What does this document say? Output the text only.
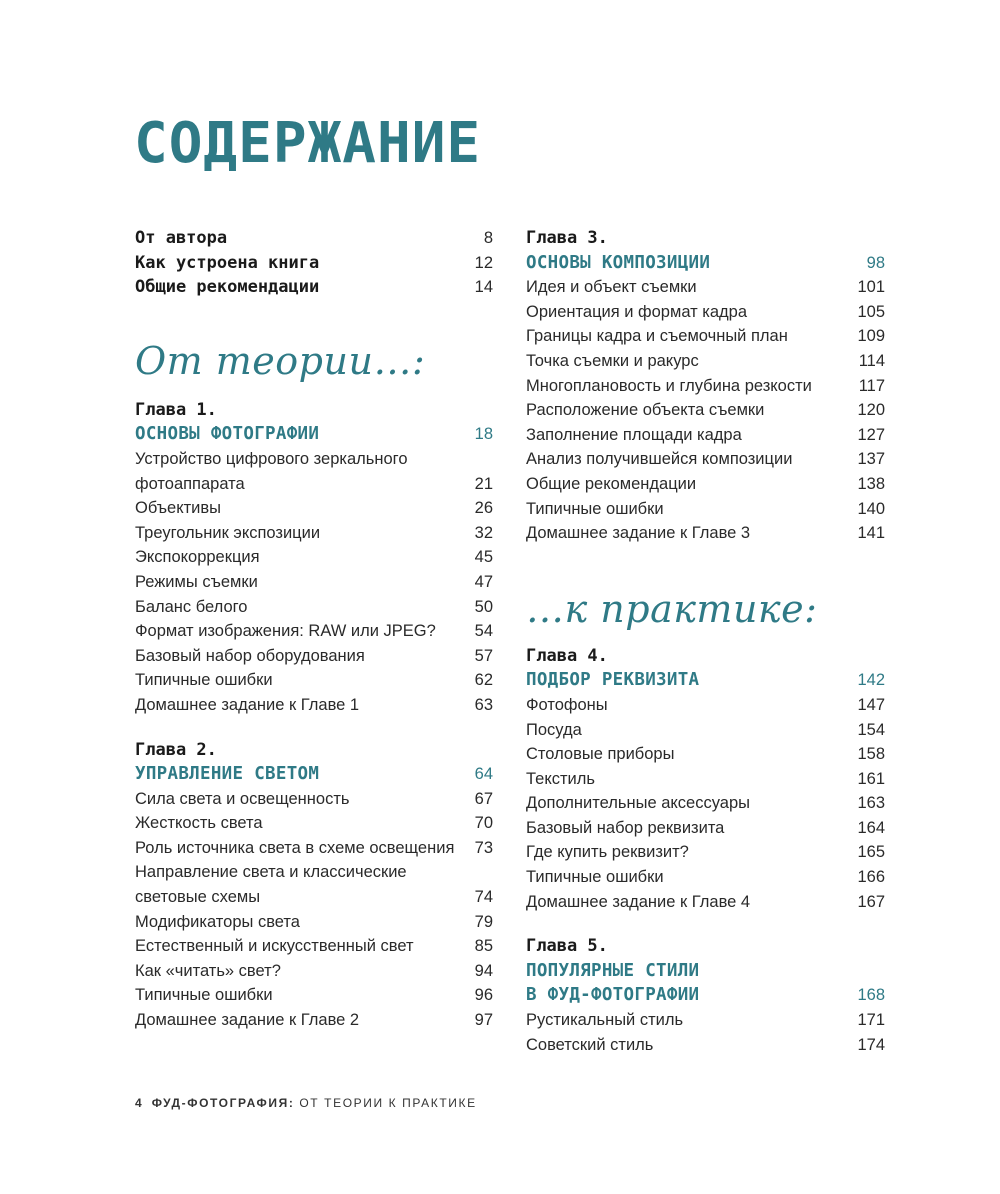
СОДЕРЖАНИЕ
От автора	8
Как устроена книга	12
Общие рекомендации	14
От теории…:
Глава 1.
ОСНОВЫ ФОТОГРАФИИ	18
Устройство цифрового зеркального фотоаппарата	21
Объективы	26
Треугольник экспозиции	32
Экспокоррекция	45
Режимы съемки	47
Баланс белого	50
Формат изображения: RAW или JPEG?	54
Базовый набор оборудования	57
Типичные ошибки	62
Домашнее задание к Главе 1	63
Глава 2.
УПРАВЛЕНИЕ СВЕТОМ	64
Сила света и освещенность	67
Жесткость света	70
Роль источника света в схеме освещения	73
Направление света и классические световые схемы	74
Модификаторы света	79
Естественный и искусственный свет	85
Как «читать» свет?	94
Типичные ошибки	96
Домашнее задание к Главе 2	97
Глава 3.
ОСНОВЫ КОМПОЗИЦИИ	98
Идея и объект съемки	101
Ориентация и формат кадра	105
Границы кадра и съемочный план	109
Точка съемки и ракурс	114
Многоплановость и глубина резкости	117
Расположение объекта съемки	120
Заполнение площади кадра	127
Анализ получившейся композиции	137
Общие рекомендации	138
Типичные ошибки	140
Домашнее задание к Главе 3	141
…к практике:
Глава 4.
ПОДБОР РЕКВИЗИТА	142
Фотофоны	147
Посуда	154
Столовые приборы	158
Текстиль	161
Дополнительные аксессуары	163
Базовый набор реквизита	164
Где купить реквизит?	165
Типичные ошибки	166
Домашнее задание к Главе 4	167
Глава 5.
ПОПУЛЯРНЫЕ СТИЛИ
В ФУД-ФОТОГРАФИИ	168
Рустикальный стиль	171
Советский стиль	174
4 ФУД-ФОТОГРАФИЯ: ОТ ТЕОРИИ К ПРАКТИКЕ
